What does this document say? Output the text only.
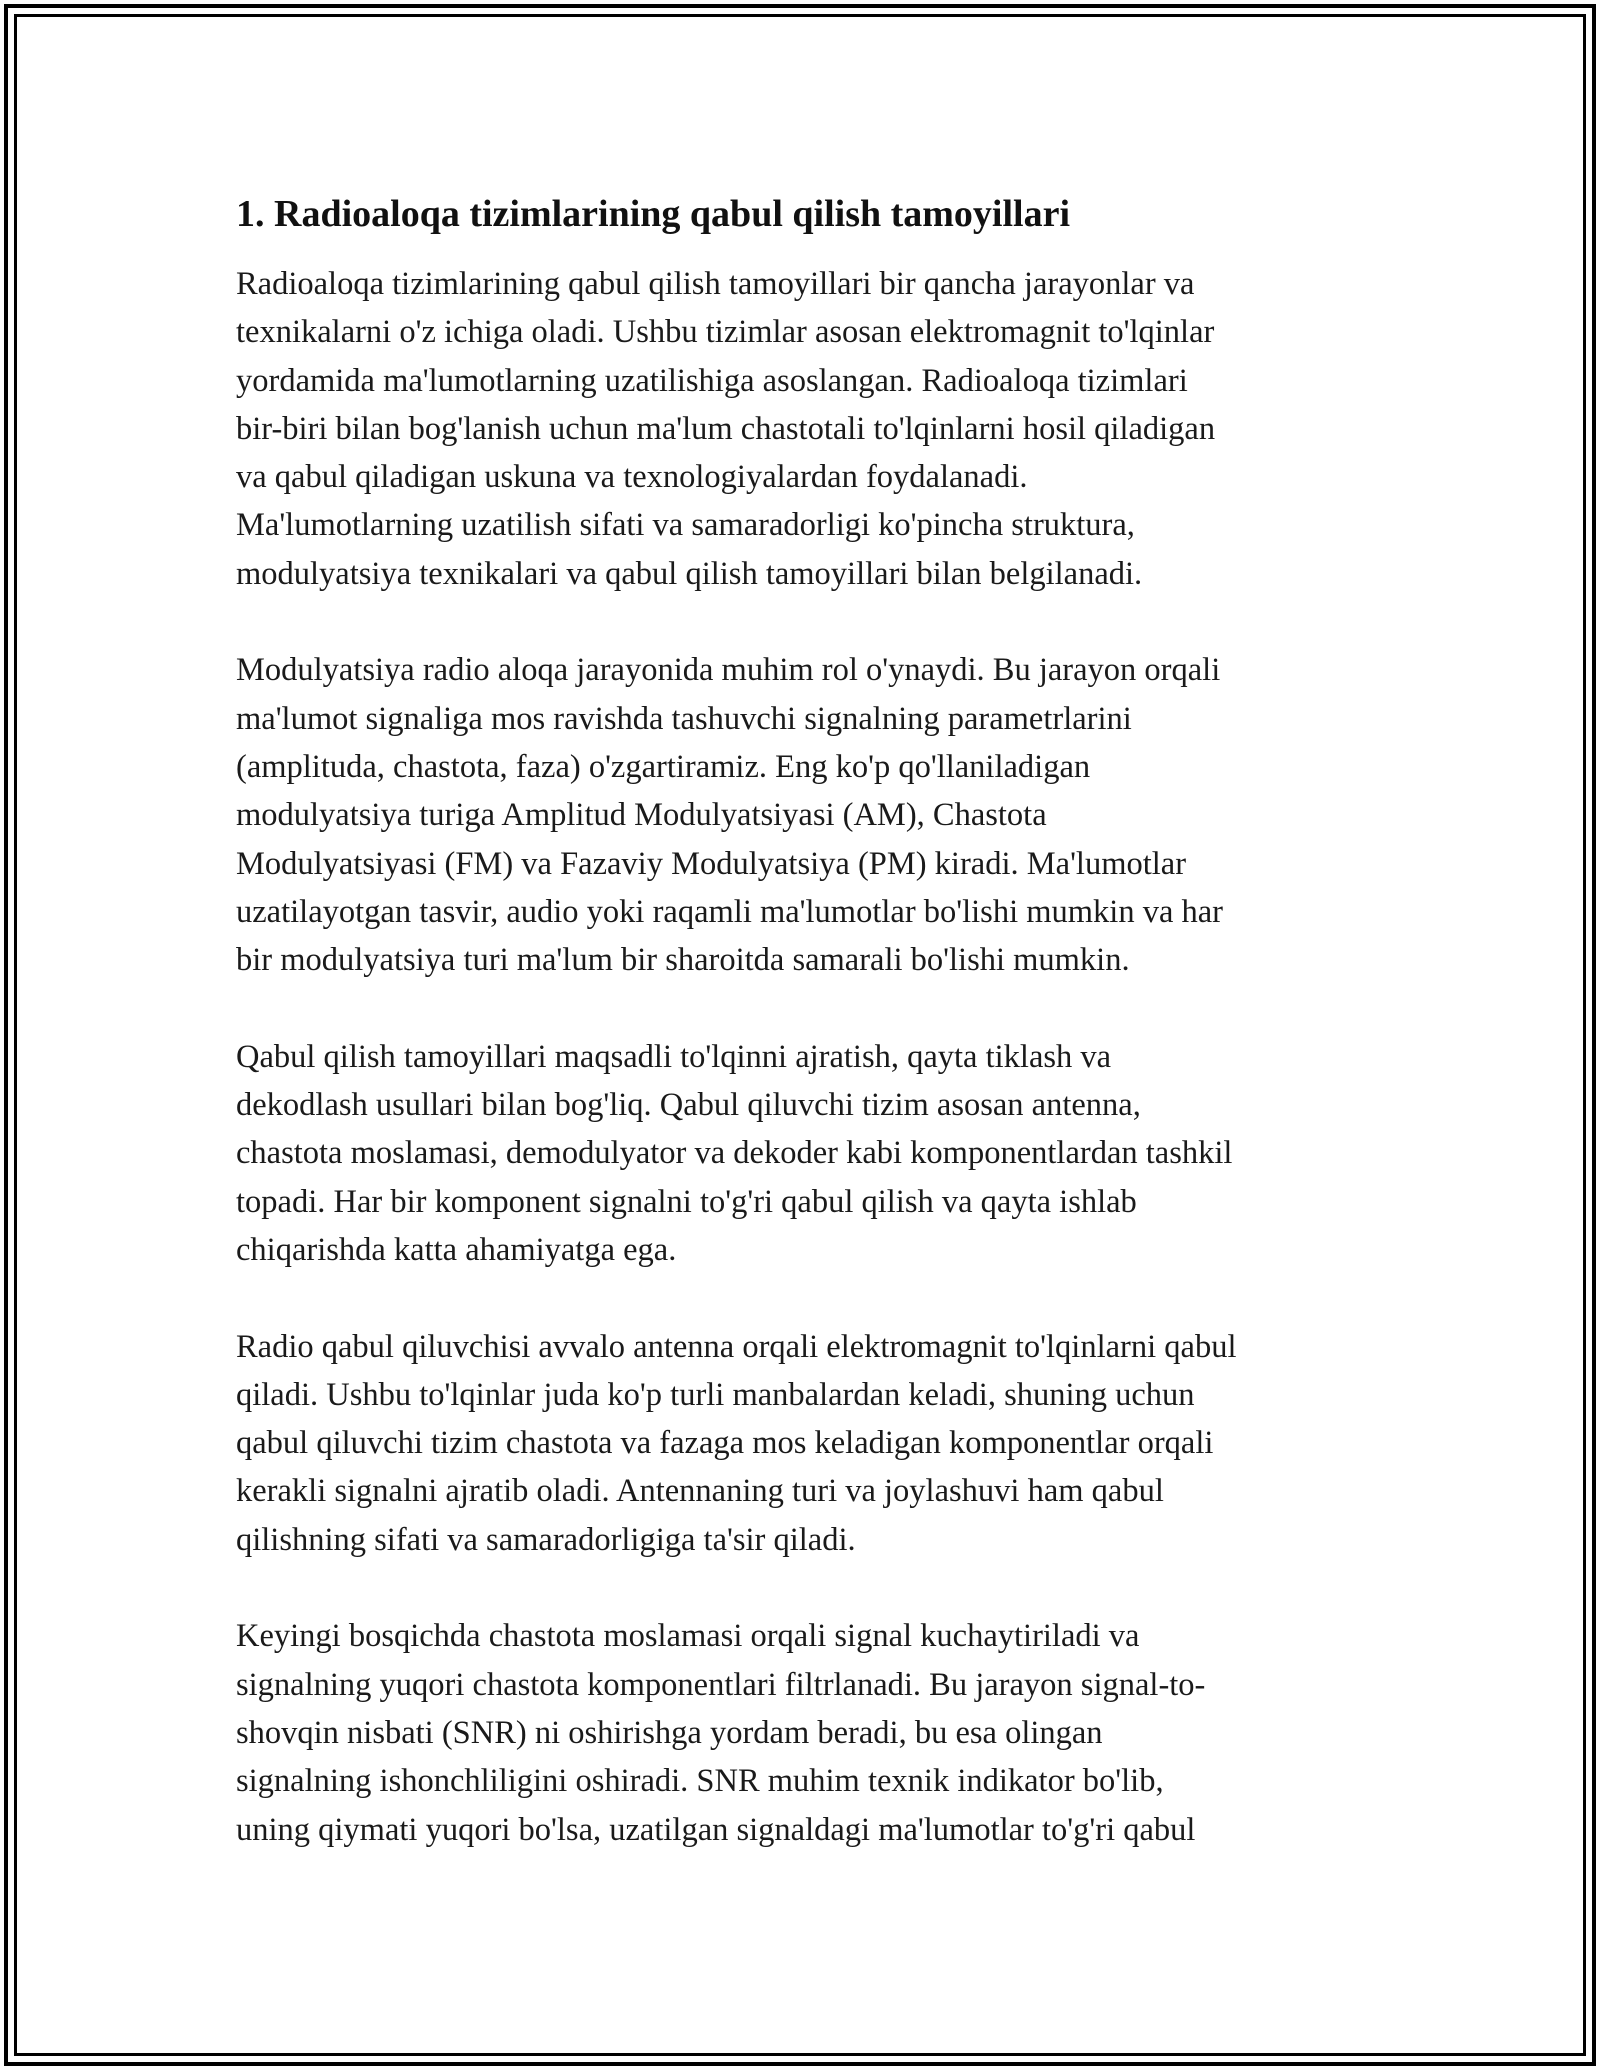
1. Radioaloqa tizimlarining qabul qilish tamoyillari

Radioaloqa tizimlarining qabul qilish tamoyillari bir qancha jarayonlar va
texnikalarni o'z ichiga oladi. Ushbu tizimlar asosan elektromagnit to'lqinlar
yordamida ma'lumotlarning uzatilishiga asoslangan. Radioaloqa tizimlari
bir-biri bilan bog'lanish uchun ma'lum chastotali to'lqinlarni hosil qiladigan
va qabul qiladigan uskuna va texnologiyalardan foydalanadi.
Ma'lumotlarning uzatilish sifati va samaradorligi ko'pincha struktura,
modulyatsiya texnikalari va qabul qilish tamoyillari bilan belgilanadi.

Modulyatsiya radio aloqa jarayonida muhim rol o'ynaydi. Bu jarayon orqali
ma'lumot signaliga mos ravishda tashuvchi signalning parametrlarini
(amplituda, chastota, faza) o'zgartiramiz. Eng ko'p qo'llaniladigan
modulyatsiya turiga Amplitud Modulyatsiyasi (AM), Chastota
Modulyatsiyasi (FM) va Fazaviy Modulyatsiya (PM) kiradi. Ma'lumotlar
uzatilayotgan tasvir, audio yoki raqamli ma'lumotlar bo'lishi mumkin va har
bir modulyatsiya turi ma'lum bir sharoitda samarali bo'lishi mumkin.

Qabul qilish tamoyillari maqsadli to'lqinni ajratish, qayta tiklash va
dekodlash usullari bilan bog'liq. Qabul qiluvchi tizim asosan antenna,
chastota moslamasi, demodulyator va dekoder kabi komponentlardan tashkil
topadi. Har bir komponent signalni to'g'ri qabul qilish va qayta ishlab
chiqarishda katta ahamiyatga ega.

Radio qabul qiluvchisi avvalo antenna orqali elektromagnit to'lqinlarni qabul
qiladi. Ushbu to'lqinlar juda ko'p turli manbalardan keladi, shuning uchun
qabul qiluvchi tizim chastota va fazaga mos keladigan komponentlar orqali
kerakli signalni ajratib oladi. Antennaning turi va joylashuvi ham qabul
qilishning sifati va samaradorligiga ta'sir qiladi.

Keyingi bosqichda chastota moslamasi orqali signal kuchaytiriladi va
signalning yuqori chastota komponentlari filtrlanadi. Bu jarayon signal-to-
shovqin nisbati (SNR) ni oshirishga yordam beradi, bu esa olingan
signalning ishonchliligini oshiradi. SNR muhim texnik indikator bo'lib,
uning qiymati yuqori bo'lsa, uzatilgan signaldagi ma'lumotlar to'g'ri qabul
